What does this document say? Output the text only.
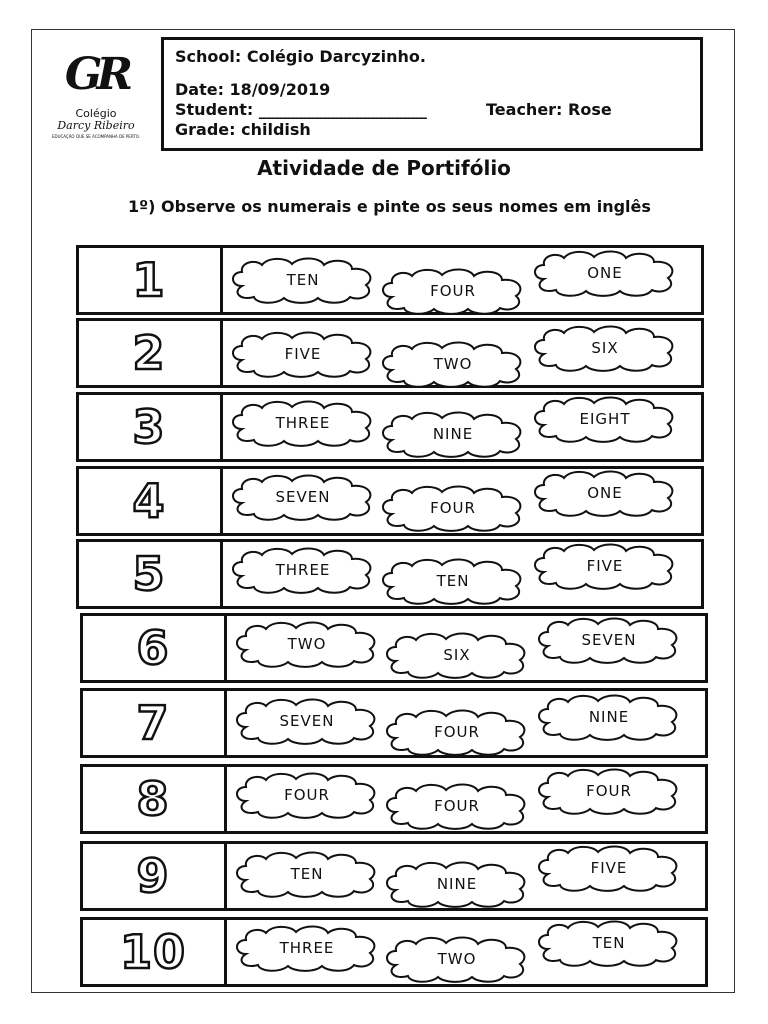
GR
Colégio
Darcy Ribeiro
EDUCAÇÃO QUE SE ACOMPANHA DE PERTO.
School: Colégio Darcyzinho.
Date: 18/09/2019
Student: _____________________	Teacher: Rose
Grade: childish
Atividade de Portifólio
1º) Observe os numerais e pinte os seus nomes em inglês
1	TEN
FOUR
ONE
2	FIVE
TWO
SIX
3	THREE
NINE
EIGHT
4	SEVEN
FOUR
ONE
5	THREE
TEN
FIVE
6	TWO
SIX
SEVEN
7	SEVEN
FOUR
NINE
8	FOUR
FOUR
FOUR
9	TEN
NINE
FIVE
10	THREE
TWO
TEN
